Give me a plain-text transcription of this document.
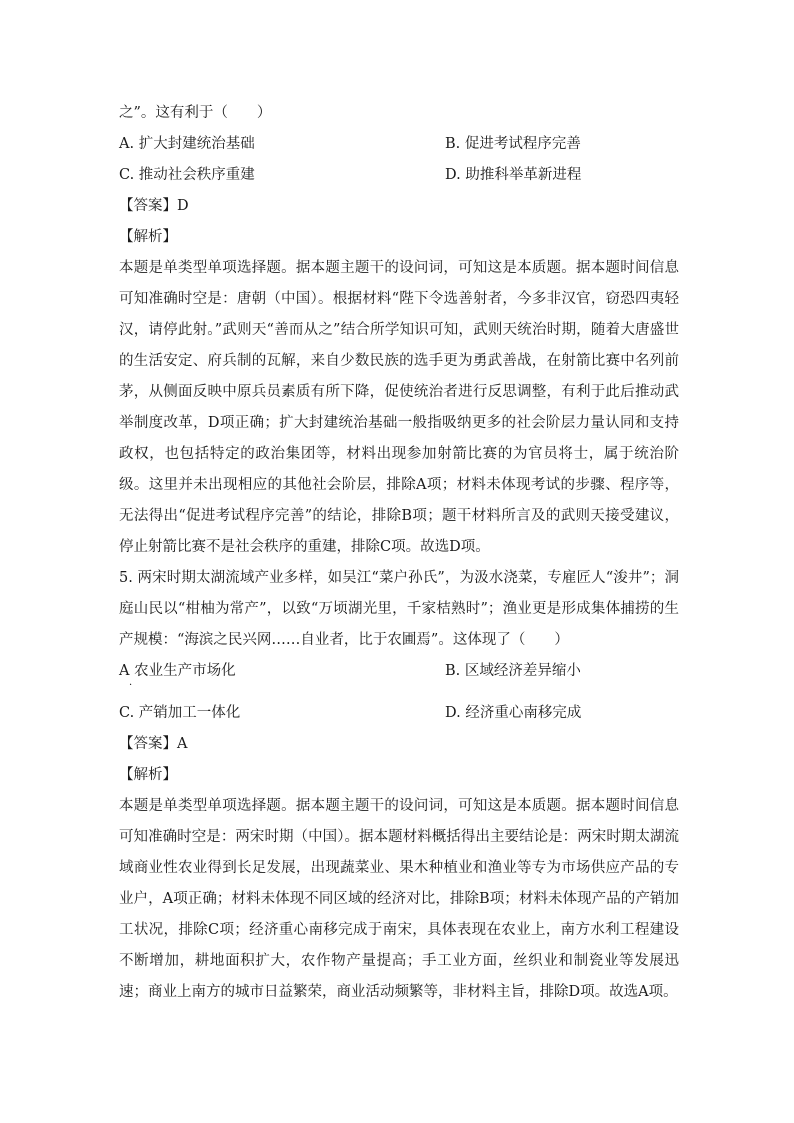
之”。这有利于（　　）
A. 扩大封建统治基础	B. 促进考试程序完善
C. 推动社会秩序重建	D. 助推科举革新进程
【答案】D
【解析】
本题是单类型单项选择题。据本题主题干的设问词，可知这是本质题。据本题时间信息可知准确时空是：唐朝（中国）。根据材料“陛下令选善射者，今多非汉官，窃恐四夷轻汉，请停此射。”武则天“善而从之”结合所学知识可知，武则天统治时期，随着大唐盛世的生活安定、府兵制的瓦解，来自少数民族的选手更为勇武善战，在射箭比赛中名列前茅，从侧面反映中原兵员素质有所下降，促使统治者进行反思调整，有利于此后推动武举制度改革，D项正确；扩大封建统治基础一般指吸纳更多的社会阶层力量认同和支持政权，也包括特定的政治集团等，材料出现参加射箭比赛的为官员将士，属于统治阶级。这里并未出现相应的其他社会阶层，排除A项；材料未体现考试的步骤、程序等，无法得出“促进考试程序完善”的结论，排除B项；题干材料所言及的武则天接受建议，停止射箭比赛不是社会秩序的重建，排除C项。故选D项。
5. 两宋时期太湖流域产业多样，如吴江“菜户孙氏”，为汲水浇菜，专雇匠人“浚井”；洞庭山民以“柑柚为常产”，以致“万顷湖光里，千家桔熟时”；渔业更是形成集体捕捞的生产规模：“海滨之民兴网……自业者，比于农圃焉”。这体现了（　　）
A 农业生产市场化	B. 区域经济差异缩小
·
C. 产销加工一体化	D. 经济重心南移完成
【答案】A
【解析】
本题是单类型单项选择题。据本题主题干的设问词，可知这是本质题。据本题时间信息可知准确时空是：两宋时期（中国）。据本题材料概括得出主要结论是：两宋时期太湖流域商业性农业得到长足发展，出现蔬菜业、果木种植业和渔业等专为市场供应产品的专业户，A项正确；材料未体现不同区域的经济对比，排除B项；材料未体现产品的产销加工状况，排除C项；经济重心南移完成于南宋，具体表现在农业上，南方水利工程建设不断增加，耕地面积扩大，农作物产量提高；手工业方面，丝织业和制瓷业等发展迅速；商业上南方的城市日益繁荣，商业活动频繁等，非材料主旨，排除D项。故选A项。
